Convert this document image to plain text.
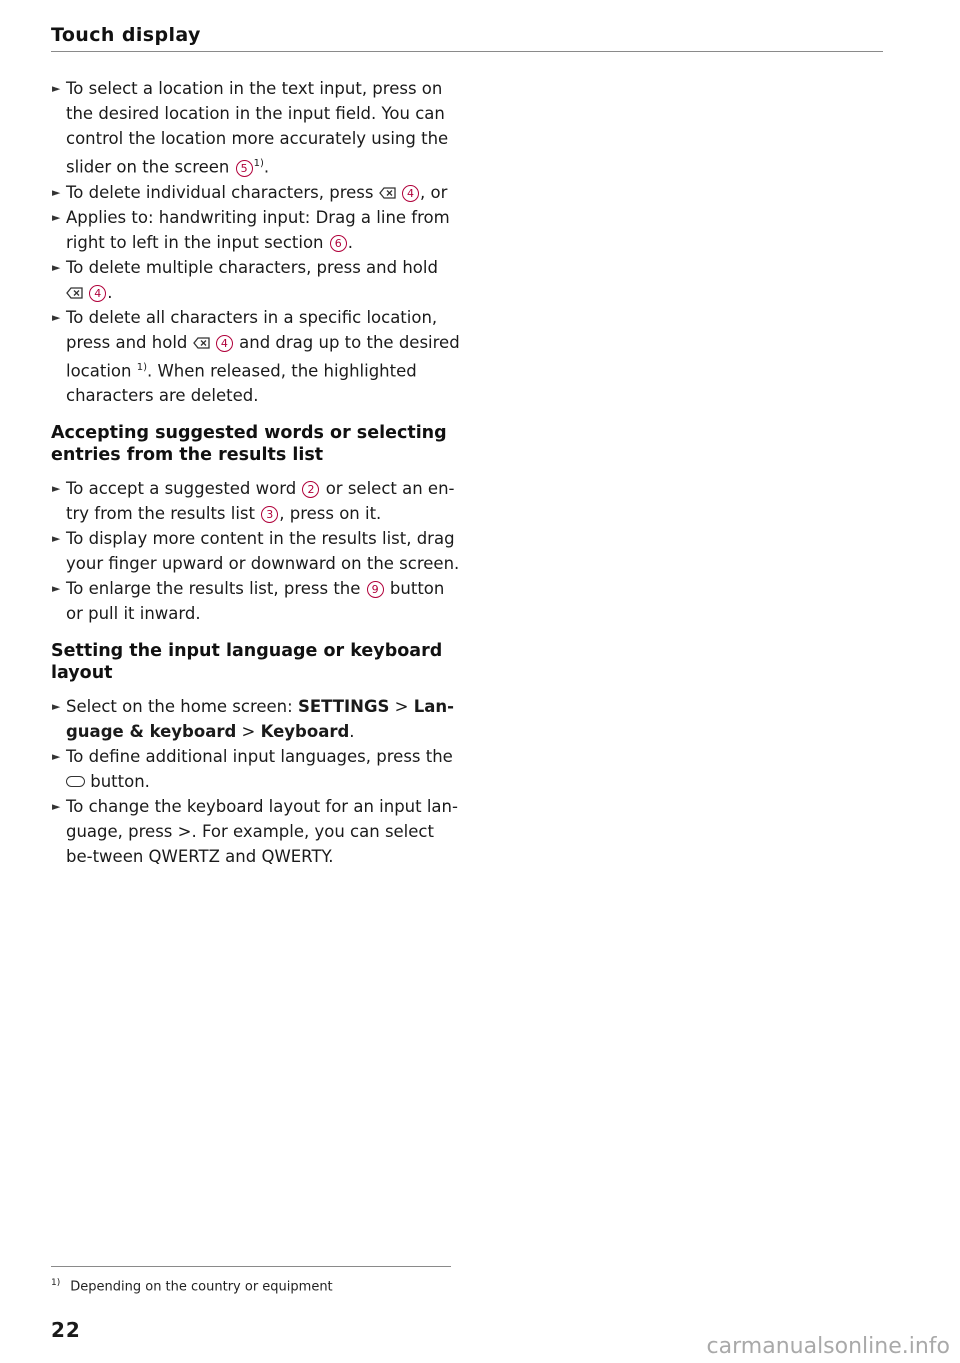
Touch display
► To select a location in the text input, press on the desired location in the input field. You can control the location more accurately using the slider on the screen 5 $^{1)}$.
► To delete individual characters, press	4 , or
► Applies to: handwriting input: Drag a line from right to left in the input section 6 .
► To delete multiple characters, press and hold
4 .
► To delete all characters in a specific location, press and hold	4 and drag up to the desired location $^{1)}$. When released, the highlighted characters are deleted.
Accepting suggested words or selecting entries from the results list
► To accept a suggested word 2 or select an en-try from the results list 3 , press on it.
► To display more content in the results list, drag your finger upward or downward on the screen.
► To enlarge the results list, press the 9 button or pull it inward.
Setting the input language or keyboard layout
► Select on the home screen: SETTINGS > Lan-guage & keyboard > Keyboard.
► To define additional input languages, press the
button.
► To change the keyboard layout for an input lan-guage, press >. For example, you can select be-tween QWERTZ and QWERTY.
$^{1)}$ Depending on the country or equipment
22
carmanualsonline.info
